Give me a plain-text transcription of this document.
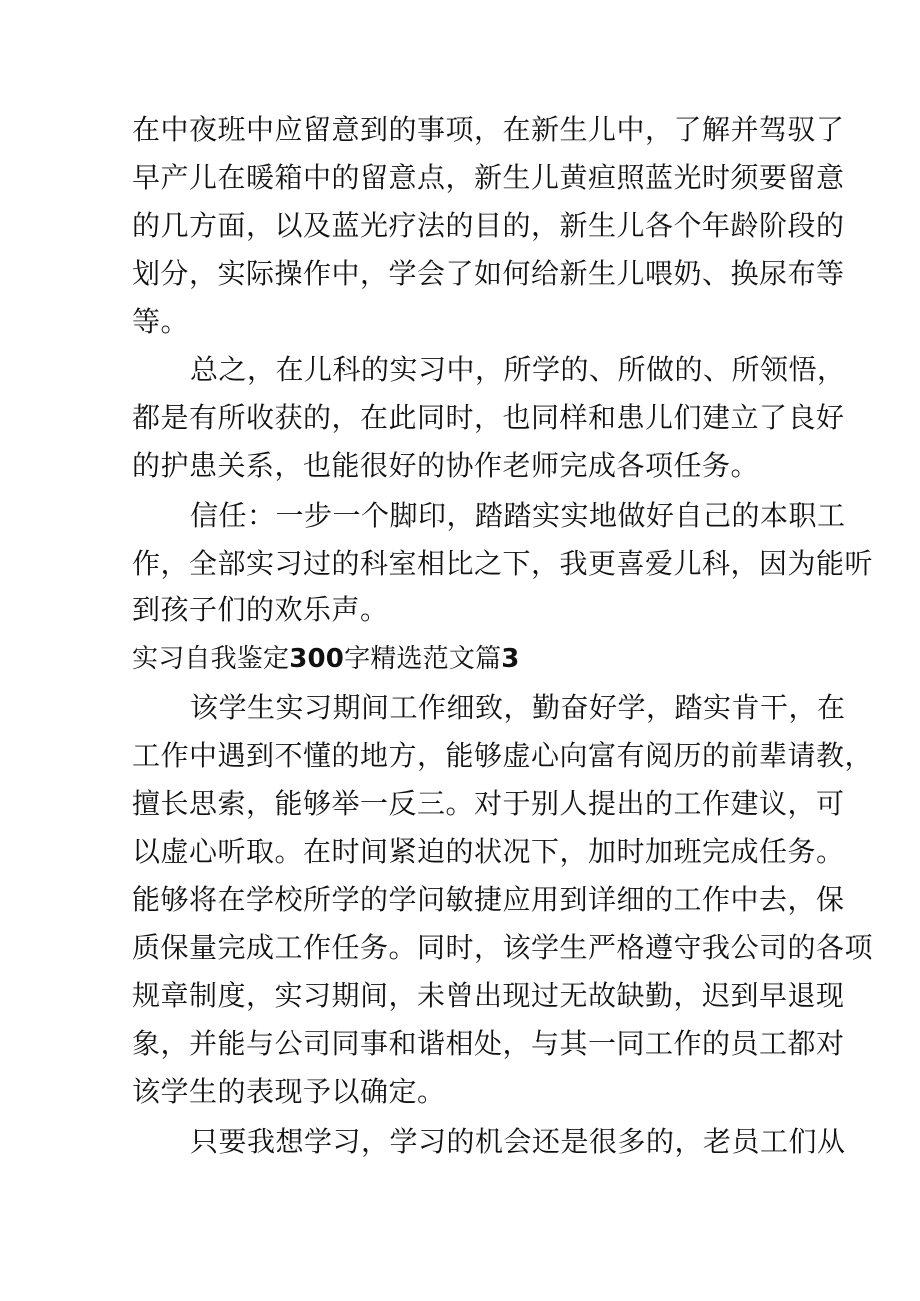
在中夜班中应留意到的事项，在新生儿中，了解并驾驭了
早产儿在暖箱中的留意点，新生儿黄疸照蓝光时须要留意
的几方面，以及蓝光疗法的目的，新生儿各个年龄阶段的
划分，实际操作中，学会了如何给新生儿喂奶、换尿布等
等。
总之，在儿科的实习中，所学的、所做的、所领悟，
都是有所收获的，在此同时，也同样和患儿们建立了良好
的护患关系，也能很好的协作老师完成各项任务。
信任：一步一个脚印，踏踏实实地做好自己的本职工
作，全部实习过的科室相比之下，我更喜爱儿科，因为能听
到孩子们的欢乐声。
实习自我鉴定300字精选范文篇3
该学生实习期间工作细致，勤奋好学，踏实肯干，在
工作中遇到不懂的地方，能够虚心向富有阅历的前辈请教，
擅长思索，能够举一反三。对于别人提出的工作建议，可
以虚心听取。在时间紧迫的状况下，加时加班完成任务。
能够将在学校所学的学问敏捷应用到详细的工作中去，保
质保量完成工作任务。同时，该学生严格遵守我公司的各项
规章制度，实习期间，未曾出现过无故缺勤，迟到早退现
象，并能与公司同事和谐相处，与其一同工作的员工都对
该学生的表现予以确定。
只要我想学习，学习的机会还是很多的，老员工们从
